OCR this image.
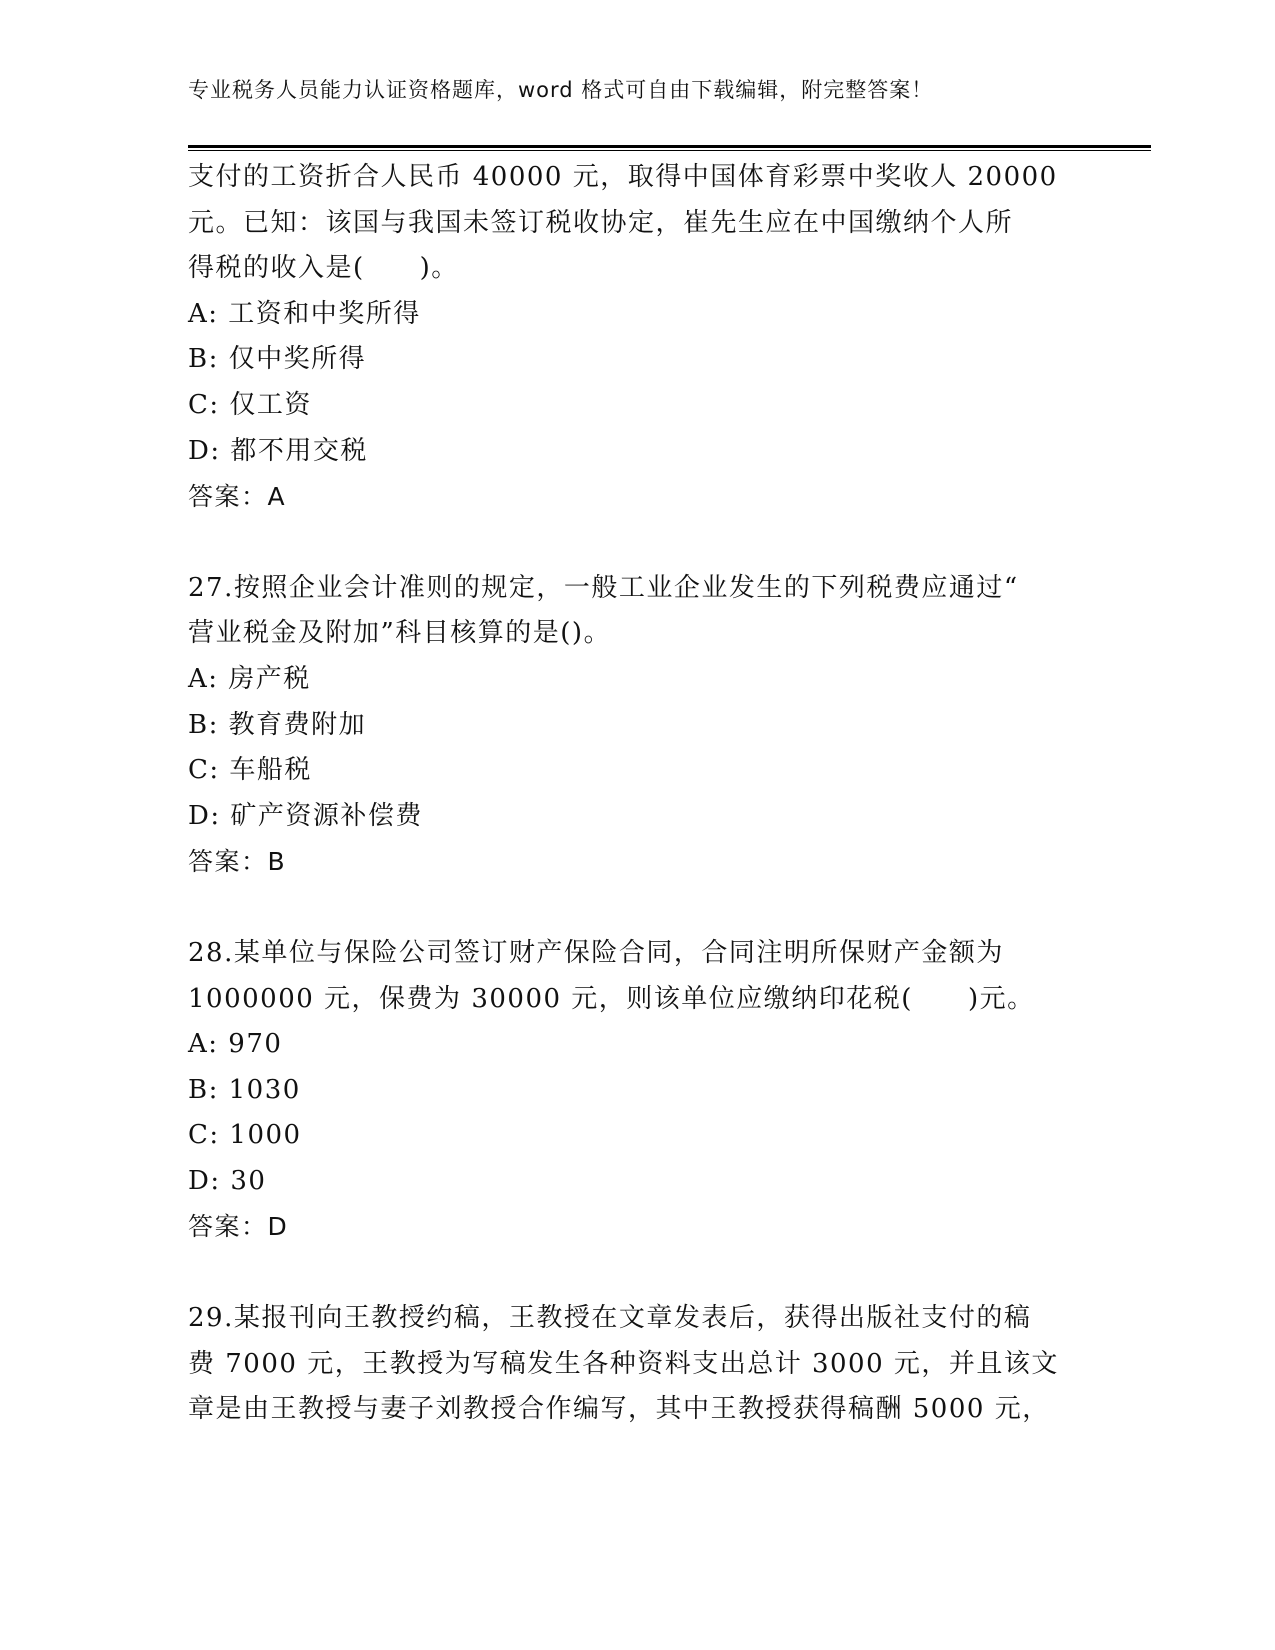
专业税务人员能力认证资格题库，word 格式可自由下载编辑，附完整答案！
支付的工资折合人民币 40000 元，取得中国体育彩票中奖收人 20000
元。已知：该国与我国未签订税收协定，崔先生应在中国缴纳个人所
得税的收入是(　　)。
A: 工资和中奖所得
B: 仅中奖所得
C: 仅工资
D: 都不用交税
答案：A
27.按照企业会计准则的规定，一般工业企业发生的下列税费应通过“
营业税金及附加”科目核算的是()。
A: 房产税
B: 教育费附加
C: 车船税
D: 矿产资源补偿费
答案：B
28.某单位与保险公司签订财产保险合同，合同注明所保财产金额为
1000000 元，保费为 30000 元，则该单位应缴纳印花税(　　)元。
A: 970
B: 1030
C: 1000
D: 30
答案：D
29.某报刊向王教授约稿，王教授在文章发表后，获得出版社支付的稿
费 7000 元，王教授为写稿发生各种资料支出总计 3000 元，并且该文
章是由王教授与妻子刘教授合作编写，其中王教授获得稿酬 5000 元，
